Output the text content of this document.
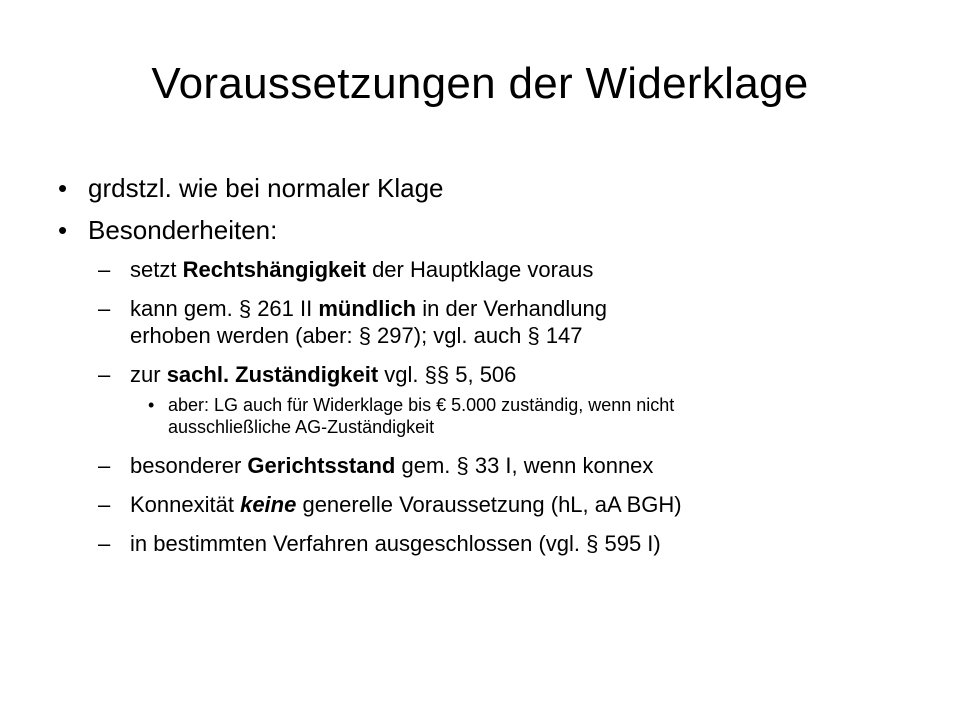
Voraussetzungen der Widerklage
• grdstzl. wie bei normaler Klage
• Besonderheiten:
– setzt Rechtshängigkeit der Hauptklage voraus
– kann gem. § 261 II mündlich in der Verhandlung
erhoben werden (aber: § 297); vgl. auch § 147
– zur sachl. Zuständigkeit vgl. §§ 5, 506
• aber: LG auch für Widerklage bis € 5.000 zuständig, wenn nicht
ausschließliche AG-Zuständigkeit
– besonderer Gerichtsstand gem. § 33 I, wenn konnex
– Konnexität keine generelle Voraussetzung (hL, aA BGH)
– in bestimmten Verfahren ausgeschlossen (vgl. § 595 I)
